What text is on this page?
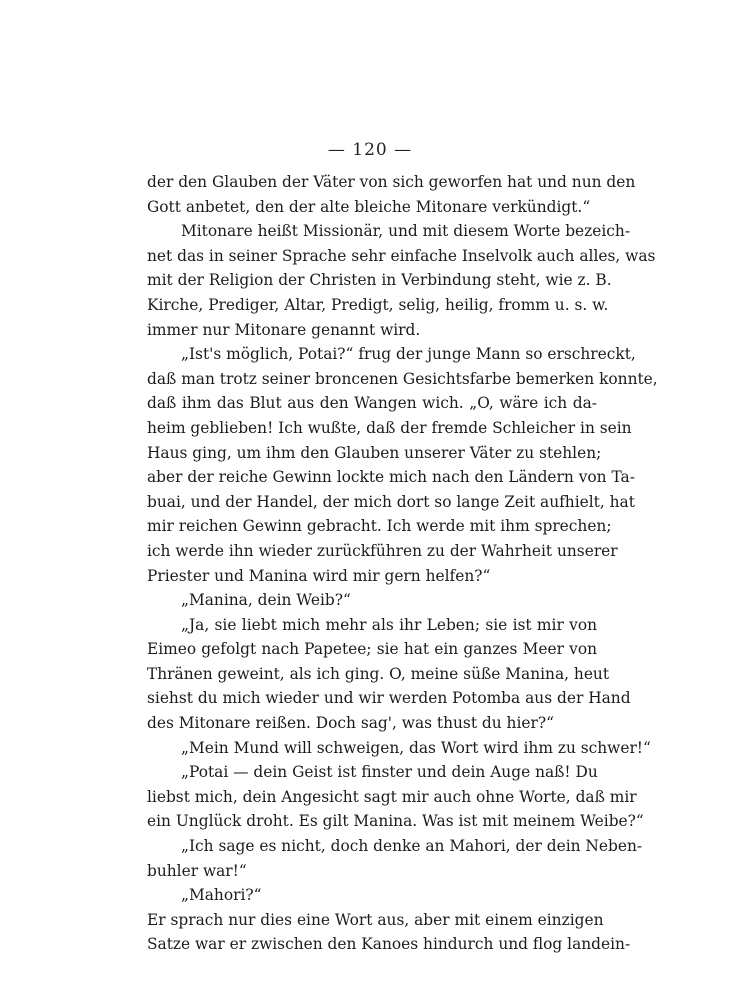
— 120 —
der den Glauben der Väter von sich geworfen hat und nun den
Gott anbetet, den der alte bleiche Mitonare verkündigt.“
Mitonare heißt Missionär, und mit diesem Worte bezeich-
net das in seiner Sprache sehr einfache Inselvolk auch alles, was
mit der Religion der Christen in Verbindung steht, wie z. B.
Kirche, Prediger, Altar, Predigt, selig, heilig, fromm u. s. w.
immer nur Mitonare genannt wird.
„Ist's möglich, Potai?“ frug der junge Mann so erschreckt,
daß man trotz seiner broncenen Gesichtsfarbe bemerken konnte,
daß ihm das Blut aus den Wangen wich. „O, wäre ich da-
heim geblieben! Ich wußte, daß der fremde Schleicher in sein
Haus ging, um ihm den Glauben unserer Väter zu stehlen;
aber der reiche Gewinn lockte mich nach den Ländern von Ta-
buai, und der Handel, der mich dort so lange Zeit aufhielt, hat
mir reichen Gewinn gebracht. Ich werde mit ihm sprechen;
ich werde ihn wieder zurückführen zu der Wahrheit unserer
Priester und Manina wird mir gern helfen?“
„Manina, dein Weib?“
„Ja, sie liebt mich mehr als ihr Leben; sie ist mir von
Eimeo gefolgt nach Papetee; sie hat ein ganzes Meer von
Thränen geweint, als ich ging. O, meine süße Manina, heut
siehst du mich wieder und wir werden Potomba aus der Hand
des Mitonare reißen. Doch sag', was thust du hier?“
„Mein Mund will schweigen, das Wort wird ihm zu schwer!“
„Potai — dein Geist ist finster und dein Auge naß! Du
liebst mich, dein Angesicht sagt mir auch ohne Worte, daß mir
ein Unglück droht. Es gilt Manina. Was ist mit meinem Weibe?“
„Ich sage es nicht, doch denke an Mahori, der dein Neben-
buhler war!“
„Mahori?“
Er sprach nur dies eine Wort aus, aber mit einem einzigen
Satze war er zwischen den Kanoes hindurch und flog landein-
